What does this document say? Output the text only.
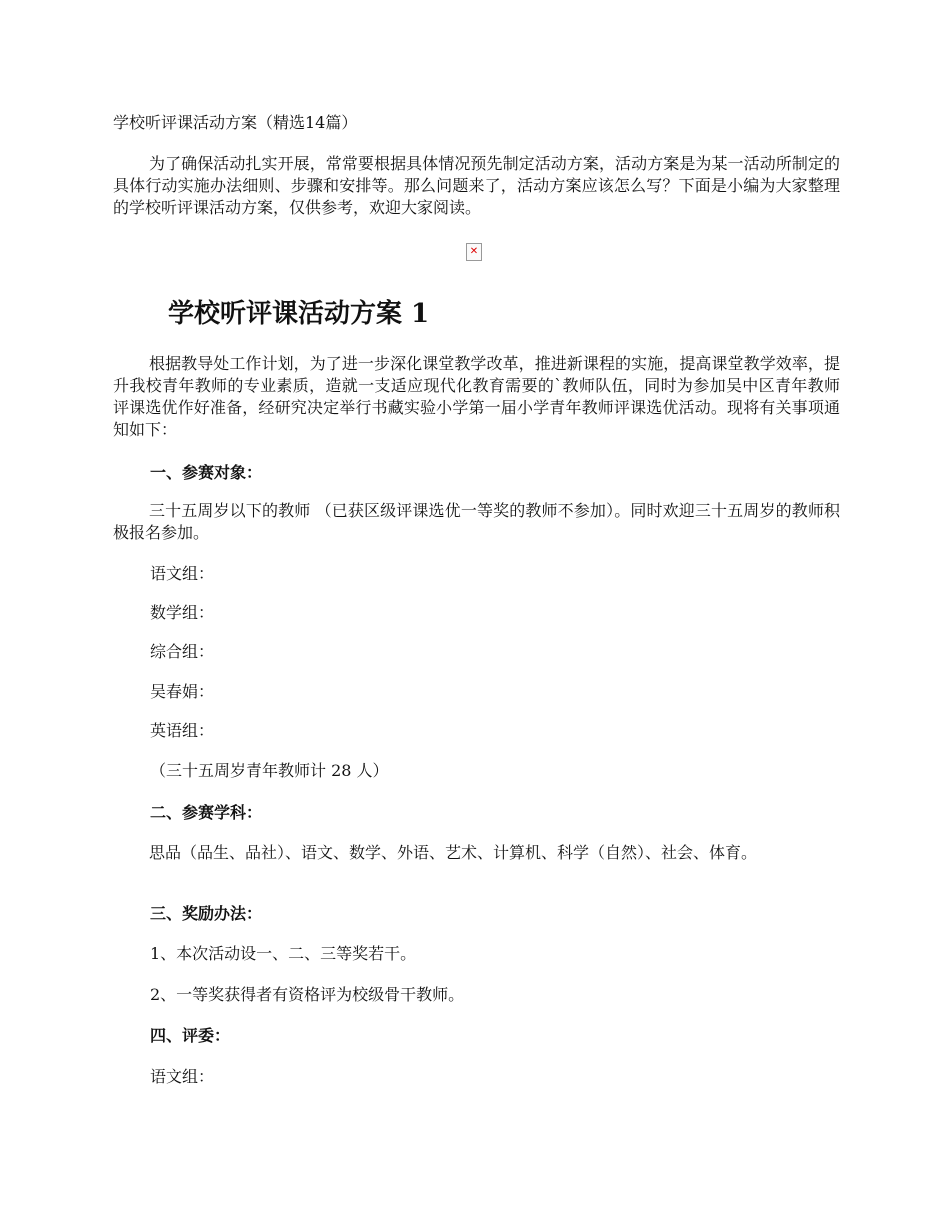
学校听评课活动方案（精选14篇）
为了确保活动扎实开展，常常要根据具体情况预先制定活动方案，活动方案是为某一活动所制定的具体行动实施办法细则、步骤和安排等。那么问题来了，活动方案应该怎么写？下面是小编为大家整理的学校听评课活动方案，仅供参考，欢迎大家阅读。
✕
学校听评课活动方案 1
根据教导处工作计划，为了进一步深化课堂教学改革，推进新课程的实施，提高课堂教学效率，提升我校青年教师的专业素质，造就一支适应现代化教育需要的`教师队伍，同时为参加吴中区青年教师评课选优作好准备，经研究决定举行书藏实验小学第一届小学青年教师评课选优活动。现将有关事项通知如下：
一、参赛对象：
三十五周岁以下的教师 （已获区级评课选优一等奖的教师不参加）。同时欢迎三十五周岁的教师积极报名参加。
语文组：
数学组：
综合组：
吴春娟：
英语组：
（三十五周岁青年教师计 28 人）
二、参赛学科：
思品（品生、品社）、语文、数学、外语、艺术、计算机、科学（自然）、社会、体育。
三、奖励办法：
1、本次活动设一、二、三等奖若干。
2、一等奖获得者有资格评为校级骨干教师。
四、评委：
语文组：
